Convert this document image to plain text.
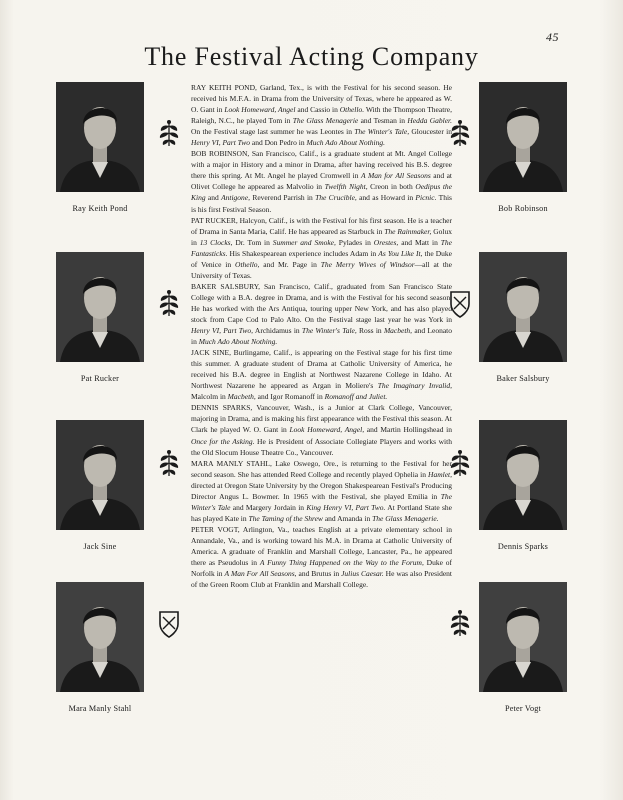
45
The Festival Acting Company
Ray Keith Pond
Pat Rucker
Jack Sine
Mara Manly Stahl
Bob Robinson
Baker Salsbury
Dennis Sparks
Peter Vogt

RAY KEITH POND, Garland, Tex., is with the Festival for his second season. He received his M.F.A. in Drama from the University of Texas, where he appeared as W. O. Gant in Look Homeward, Angel and Cassio in Othello. With the Thompson Theatre, Raleigh, N.C., he played Tom in The Glass Menagerie and Tesman in Hedda Gabler. On the Festival stage last summer he was Leontes in The Winter's Tale, Gloucester in Henry VI, Part Two and Don Pedro in Much Ado About Nothing.

BOB ROBINSON, San Francisco, Calif., is a graduate student at Mt. Angel College with a major in History and a minor in Drama, after having received his B.S. degree there this spring. At Mt. Angel he played Cromwell in A Man for All Seasons and at Olivet College he appeared as Malvolio in Twelfth Night, Creon in both Oedipus the King and Antigone, Reverend Parrish in The Crucible, and as Howard in Picnic. This is his first Festival Season.

PAT RUCKER, Halcyon, Calif., is with the Festival for his first season. He is a teacher of Drama in Santa Maria, Calif. He has appeared as Starbuck in The Rainmaker, Golux in 13 Clocks, Dr. Tom in Summer and Smoke, Pylades in Orestes, and Matt in The Fantasticks. His Shakespearean experience includes Adam in As You Like It, the Duke of Venice in Othello, and Mr. Page in The Merry Wives of Windsor—all at the University of Texas.

BAKER SALSBURY, San Francisco, Calif., graduated from San Francisco State College with a B.A. degree in Drama, and is with the Festival for his second season. He has worked with the Ars Antiqua, touring upper New York, and has also played stock from Cape Cod to Palo Alto. On the Festival stage last year he was York in Henry VI, Part Two, Archidamus in The Winter's Tale, Ross in Macbeth, and Leonato in Much Ado About Nothing.

JACK SINE, Burlingame, Calif., is appearing on the Festival stage for his first time this summer. A graduate student of Drama at Catholic University of America, he received his B.A. degree in English at Northwest Nazarene College in Idaho. At Northwest Nazarene he appeared as Argan in Moliere's The Imaginary Invalid, Malcolm in Macbeth, and Igor Romanoff in Romanoff and Juliet.

DENNIS SPARKS, Vancouver, Wash., is a Junior at Clark College, Vancouver, majoring in Drama, and is making his first appearance with the Festival this season. At Clark he played W. O. Gant in Look Homeward, Angel, and Martin Hollingshead in Once for the Asking. He is President of Associate Collegiate Players and works with the Old Slocum House Theatre Co., Vancouver.

MARA MANLY STAHL, Lake Oswego, Ore., is returning to the Festival for her second season. She has attended Reed College and recently played Ophelia in Hamlet, directed at Oregon State University by the Oregon Shakespearean Festival's Producing Director Angus L. Bowmer. In 1965 with the Festival, she played Emilia in The Winter's Tale and Margery Jordain in King Henry VI, Part Two. At Portland State she has played Kate in The Taming of the Shrew and Amanda in The Glass Menagerie.

PETER VOGT, Arlington, Va., teaches English at a private elementary school in Annandale, Va., and is working toward his M.A. in Drama at Catholic University of America. A graduate of Franklin and Marshall College, Lancaster, Pa., he appeared there as Pseudolus in A Funny Thing Happened on the Way to the Forum, Duke of Norfolk in A Man For All Seasons, and Brutus in Julius Caesar. He was also President of the Green Room Club at Franklin and Marshall College.
